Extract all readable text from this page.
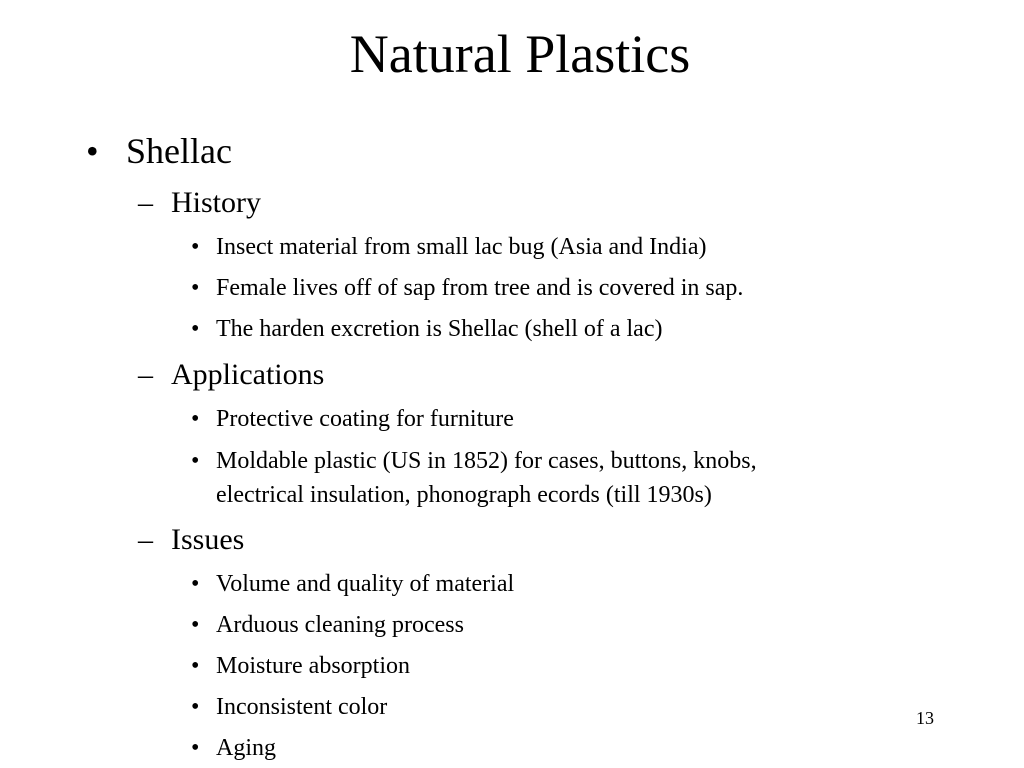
Natural Plastics
• Shellac
– History
• Insect material from small lac bug (Asia and India)
• Female lives off of sap from tree and is covered in sap.
• The harden excretion is Shellac (shell of a lac)
– Applications
• Protective coating for furniture
• Moldable plastic (US in 1852) for cases, buttons, knobs,
electrical insulation, phonograph ecords (till 1930s)
– Issues
• Volume and quality of material
• Arduous cleaning process
• Moisture absorption
• Inconsistent color
• Aging
13
